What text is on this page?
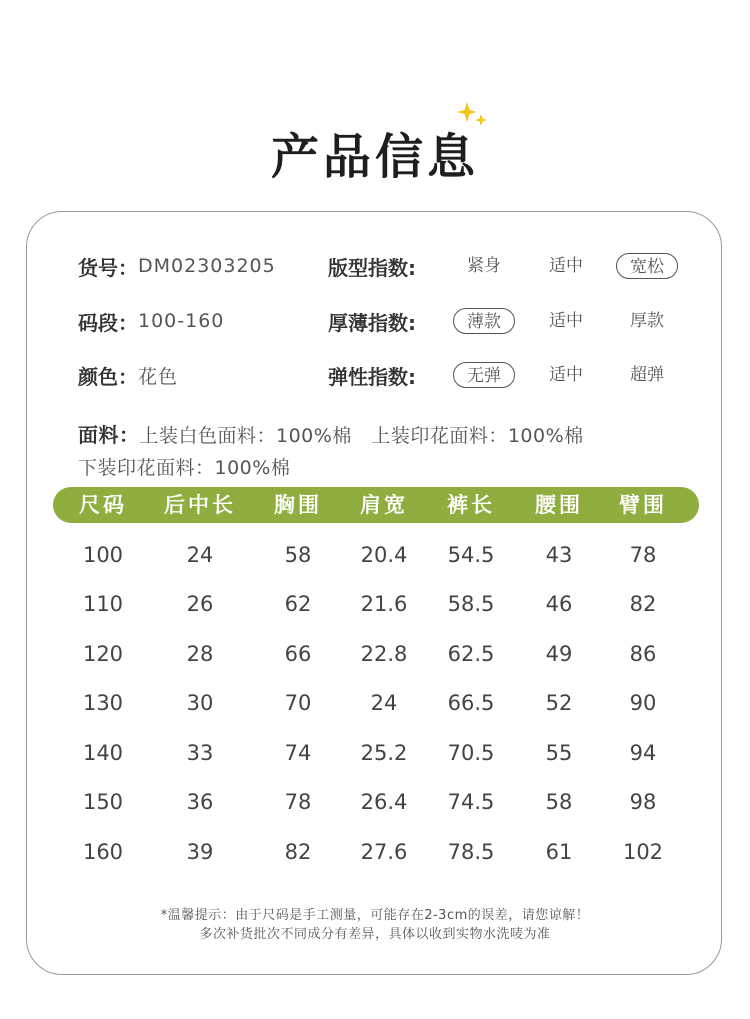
产品信息
货号： DM02303205
码段： 100-160
颜色： 花色
版型指数:	紧身	适中	宽松
厚薄指数:	薄款	适中	厚款
弹性指数:	无弹	适中	超弹
面料：上装白色面料：100%棉　上装印花面料：100%棉
下装印花面料：100%棉
尺码 后中长 胸围 肩宽 裤长 腰围 臂围
100	24	58 20.4 54.5 43	78
110	26	62 21.6 58.5 46	82
120	28	66 22.8 62.5 49	86
130	30	70	24 66.5 52	90
140	33	74 25.2 70.5 55	94
150	36	78 26.4 74.5 58	98
160	39	82 27.6 78.5 61 102
*温馨提示：由于尺码是手工测量，可能存在2-3cm的误差，请您谅解！
多次补货批次不同成分有差异，具体以收到实物水洗唛为准
